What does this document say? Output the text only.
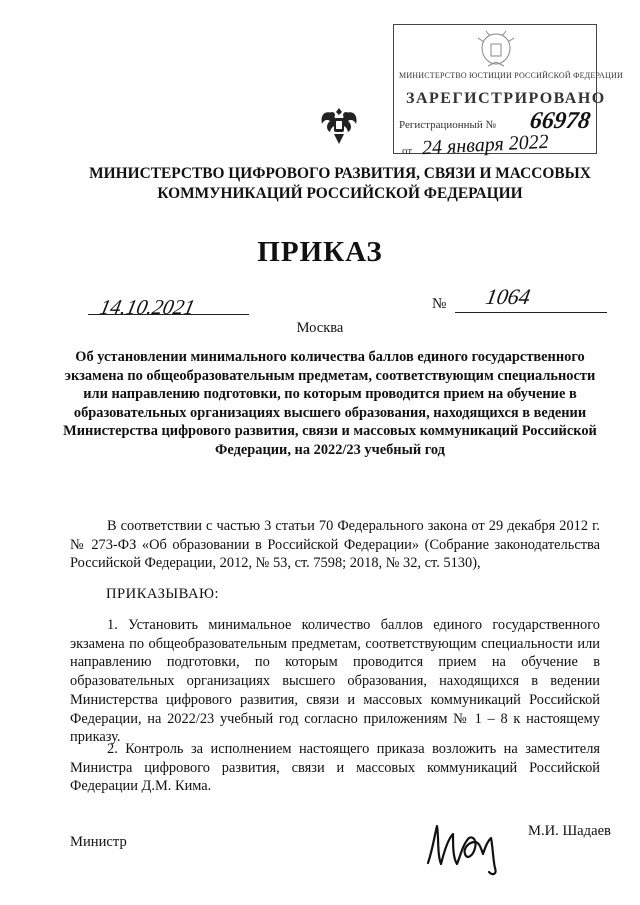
МИНИСТЕРСТВО ЮСТИЦИИ РОССИЙСКОЙ ФЕДЕРАЦИИ
ЗАРЕГИСТРИРОВАНО
Регистрационный № 66978
от 24 января 2022
МИНИСТЕРСТВО ЦИФРОВОГО РАЗВИТИЯ, СВЯЗИ И МАССОВЫХ КОММУНИКАЦИЙ РОССИЙСКОЙ ФЕДЕРАЦИИ
ПРИКАЗ
14.10.2021	№ 1064
Москва
Об установлении минимального количества баллов единого государственного экзамена по общеобразовательным предметам, соответствующим специальности или направлению подготовки, по которым проводится прием на обучение в образовательных организациях высшего образования, находящихся в ведении Министерства цифрового развития, связи и массовых коммуникаций Российской Федерации, на 2022/23 учебный год
В соответствии с частью 3 статьи 70 Федерального закона от 29 декабря 2012 г. № 273-ФЗ «Об образовании в Российской Федерации» (Собрание законодательства Российской Федерации, 2012, № 53, ст. 7598; 2018, № 32, ст. 5130),
ПРИКАЗЫВАЮ:
1. Установить минимальное количество баллов единого государственного экзамена по общеобразовательным предметам, соответствующим специальности или направлению подготовки, по которым проводится прием на обучение в образовательных организациях высшего образования, находящихся в ведении Министерства цифрового развития, связи и массовых коммуникаций Российской Федерации, на 2022/23 учебный год согласно приложениям № 1 – 8 к настоящему приказу.
2. Контроль за исполнением настоящего приказа возложить на заместителя Министра цифрового развития, связи и массовых коммуникаций Российской Федерации Д.М. Кима.
Министр
М.И. Шадаев
